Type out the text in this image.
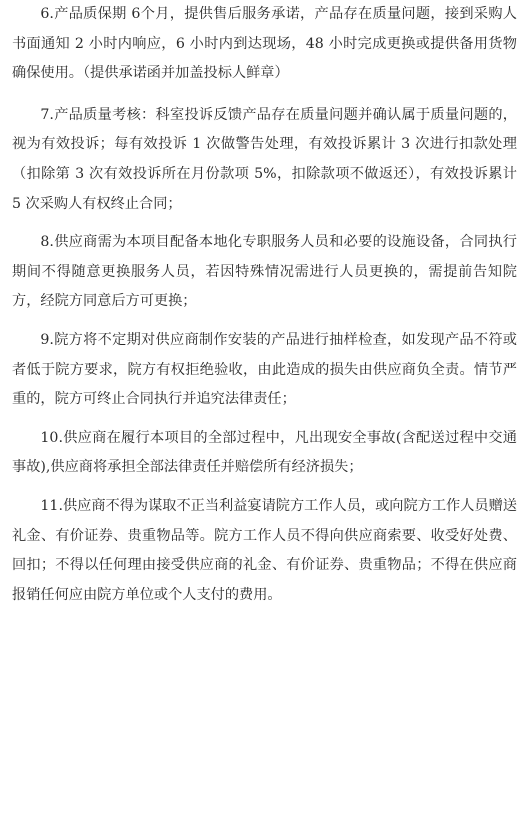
6.产品质保期 6个月，提供售后服务承诺，产品存在质量问题，接到采购人书面通知 2 小时内响应，6 小时内到达现场，48 小时完成更换或提供备用货物确保使用。（提供承诺函并加盖投标人鲜章）

7.产品质量考核：科室投诉反馈产品存在质量问题并确认属于质量问题的，视为有效投诉；每有效投诉 1 次做警告处理，有效投诉累计 3 次进行扣款处理（扣除第 3 次有效投诉所在月份款项 5%，扣除款项不做返还），有效投诉累计 5 次采购人有权终止合同；

8.供应商需为本项目配备本地化专职服务人员和必要的设施设备，合同执行期间不得随意更换服务人员，若因特殊情况需进行人员更换的，需提前告知院方，经院方同意后方可更换；

9.院方将不定期对供应商制作安装的产品进行抽样检查，如发现产品不符或者低于院方要求，院方有权拒绝验收，由此造成的损失由供应商负全责。情节严重的，院方可终止合同执行并追究法律责任；

10.供应商在履行本项目的全部过程中，凡出现安全事故(含配送过程中交通事故),供应商将承担全部法律责任并赔偿所有经济损失；

11.供应商不得为谋取不正当利益宴请院方工作人员，或向院方工作人员赠送礼金、有价证券、贵重物品等。院方工作人员不得向供应商索要、收受好处费、回扣；不得以任何理由接受供应商的礼金、有价证券、贵重物品；不得在供应商报销任何应由院方单位或个人支付的费用。
